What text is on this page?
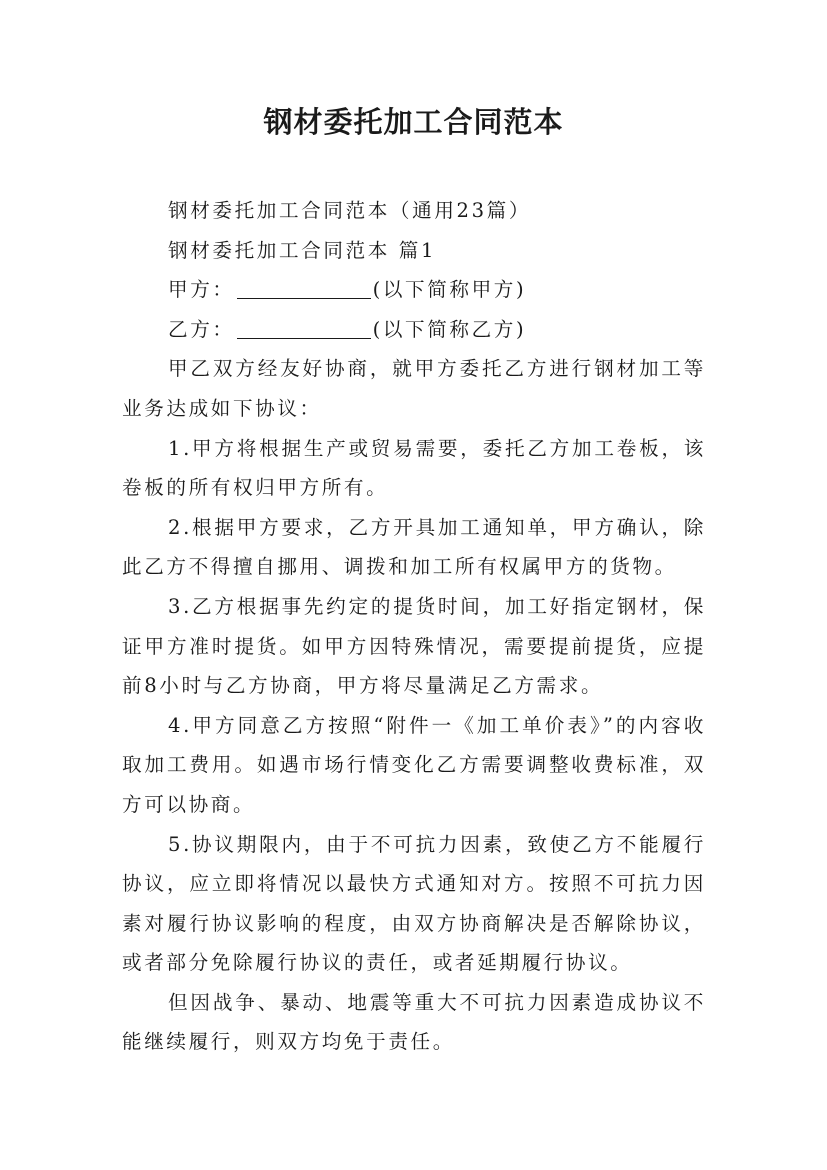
钢材委托加工合同范本

钢材委托加工合同范本（通用23篇）

钢材委托加工合同范本 篇1

甲方：	(以下简称甲方)

乙方：	(以下简称乙方)

甲乙双方经友好协商，就甲方委托乙方进行钢材加工等业务达成如下协议：

1.甲方将根据生产或贸易需要，委托乙方加工卷板，该卷板的所有权归甲方所有。

2.根据甲方要求，乙方开具加工通知单，甲方确认，除此乙方不得擅自挪用、调拨和加工所有权属甲方的货物。

3.乙方根据事先约定的提货时间，加工好指定钢材，保证甲方准时提货。如甲方因特殊情况，需要提前提货，应提前8小时与乙方协商，甲方将尽量满足乙方需求。

4.甲方同意乙方按照“附件一《加工单价表》”的内容收取加工费用。如遇市场行情变化乙方需要调整收费标准，双方可以协商。

5.协议期限内，由于不可抗力因素，致使乙方不能履行协议，应立即将情况以最快方式通知对方。按照不可抗力因素对履行协议影响的程度，由双方协商解决是否解除协议，或者部分免除履行协议的责任，或者延期履行协议。

但因战争、暴动、地震等重大不可抗力因素造成协议不能继续履行，则双方均免于责任。
